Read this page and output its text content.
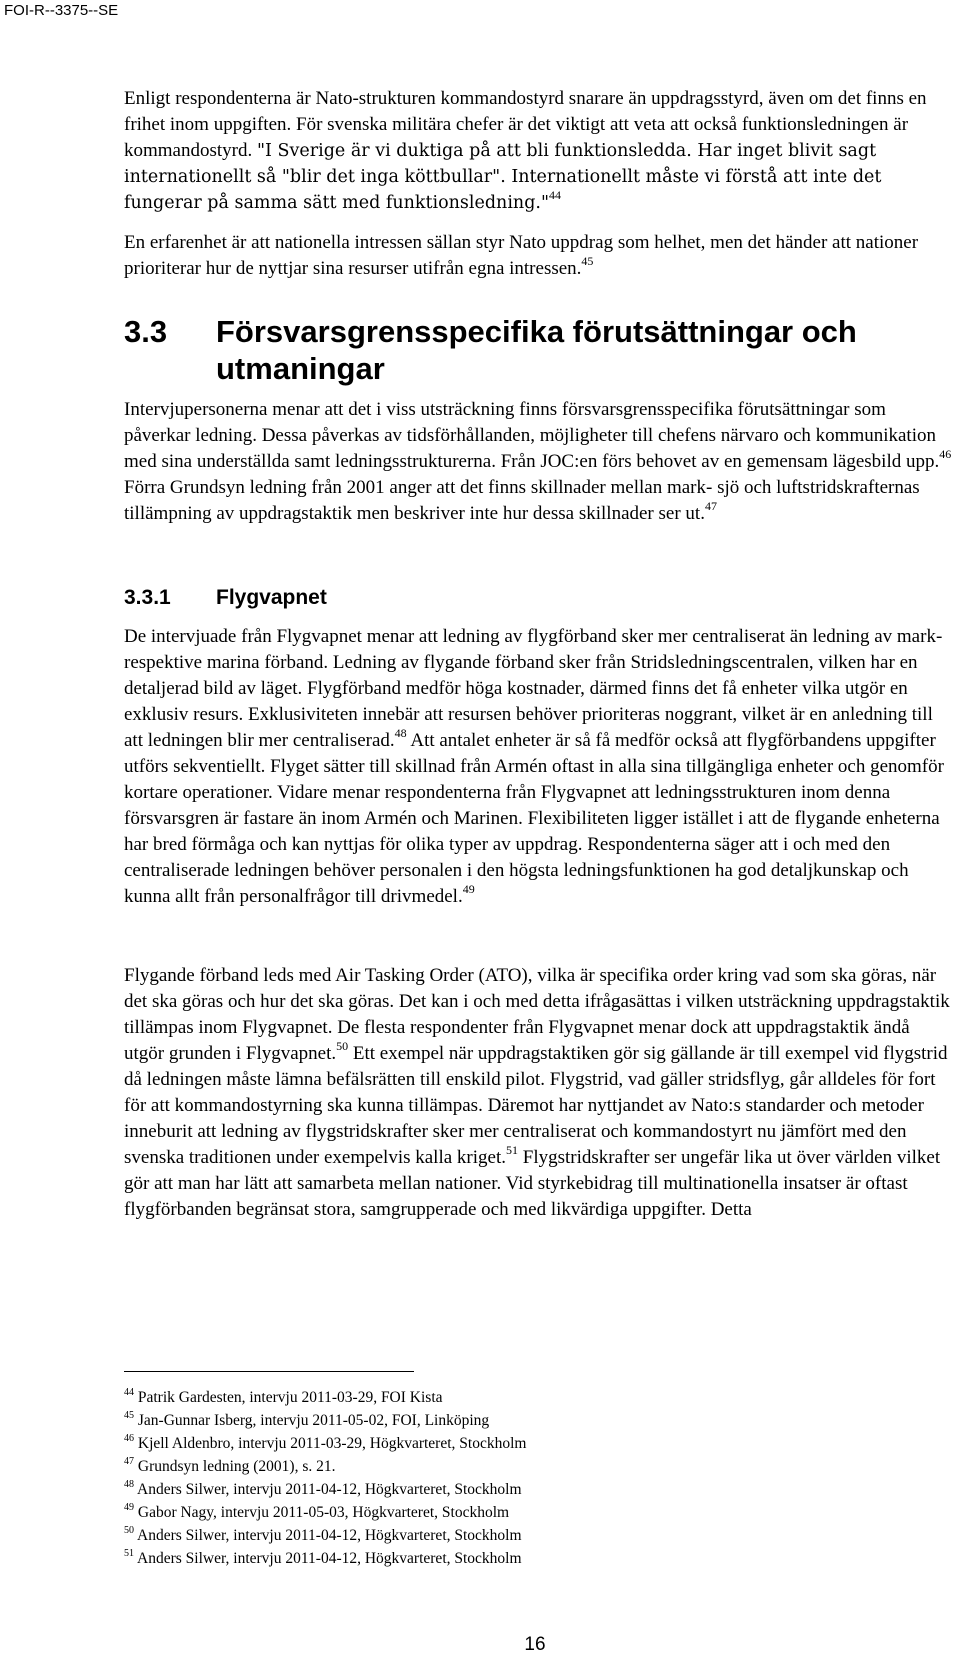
FOI-R--3375--SE

Enligt respondenterna är Nato-strukturen kommandostyrd snarare än uppdragsstyrd, även om det finns en frihet inom uppgiften. För svenska militära chefer är det viktigt att veta att också funktionsledningen är kommandostyrd. "I Sverige är vi duktiga på att bli funktionsledda. Har inget blivit sagt internationellt så "blir det inga köttbullar". Internationellt måste vi förstå att inte det fungerar på samma sätt med funktionsledning."$^{44}$

En erfarenhet är att nationella intressen sällan styr Nato uppdrag som helhet, men det händer att nationer prioriterar hur de nyttjar sina resurser utifrån egna intressen.$^{45}$

3.3 Försvarsgrensspecifika förutsättningar och utmaningar

Intervjupersonerna menar att det i viss utsträckning finns försvarsgrensspecifika förutsättningar som påverkar ledning. Dessa påverkas av tidsförhållanden, möjligheter till chefens närvaro och kommunikation med sina underställda samt ledningsstrukturerna. Från JOC:en förs behovet av en gemensam lägesbild upp.$^{46}$ Förra Grundsyn ledning från 2001 anger att det finns skillnader mellan mark- sjö och luftstridskrafternas tillämpning av uppdragstaktik men beskriver inte hur dessa skillnader ser ut.$^{47}$

3.3.1 Flygvapnet

De intervjuade från Flygvapnet menar att ledning av flygförband sker mer centraliserat än ledning av mark- respektive marina förband. Ledning av flygande förband sker från Stridsledningscentralen, vilken har en detaljerad bild av läget. Flygförband medför höga kostnader, därmed finns det få enheter vilka utgör en exklusiv resurs. Exklusiviteten innebär att resursen behöver prioriteras noggrant, vilket är en anledning till att ledningen blir mer centraliserad.$^{48}$ Att antalet enheter är så få medför också att flygförbandens uppgifter utförs sekventiellt. Flyget sätter till skillnad från Armén oftast in alla sina tillgängliga enheter och genomför kortare operationer. Vidare menar respondenterna från Flygvapnet att ledningsstrukturen inom denna försvarsgren är fastare än inom Armén och Marinen. Flexibiliteten ligger istället i att de flygande enheterna har bred förmåga och kan nyttjas för olika typer av uppdrag. Respondenterna säger att i och med den centraliserade ledningen behöver personalen i den högsta ledningsfunktionen ha god detaljkunskap och kunna allt från personalfrågor till drivmedel.$^{49}$

Flygande förband leds med Air Tasking Order (ATO), vilka är specifika order kring vad som ska göras, när det ska göras och hur det ska göras. Det kan i och med detta ifrågasättas i vilken utsträckning uppdragstaktik tillämpas inom Flygvapnet. De flesta respondenter från Flygvapnet menar dock att uppdragstaktik ändå utgör grunden i Flygvapnet.$^{50}$ Ett exempel när uppdragstaktiken gör sig gällande är till exempel vid flygstrid då ledningen måste lämna befälsrätten till enskild pilot. Flygstrid, vad gäller stridsflyg, går alldeles för fort för att kommandostyrning ska kunna tillämpas. Däremot har nyttjandet av Nato:s standarder och metoder inneburit att ledning av flygstridskrafter sker mer centraliserat och kommandostyrt nu jämfört med den svenska traditionen under exempelvis kalla kriget.$^{51}$ Flygstridskrafter ser ungefär lika ut över världen vilket gör att man har lätt att samarbeta mellan nationer. Vid styrkebidrag till multinationella insatser är oftast flygförbanden begränsat stora, samgrupperade och med likvärdiga uppgifter. Detta

$^{44}$ Patrik Gardesten, intervju 2011-03-29, FOI Kista
$^{45}$ Jan-Gunnar Isberg, intervju 2011-05-02, FOI, Linköping
$^{46}$ Kjell Aldenbro, intervju 2011-03-29, Högkvarteret, Stockholm
$^{47}$ Grundsyn ledning (2001), s. 21.
$^{48}$ Anders Silwer, intervju 2011-04-12, Högkvarteret, Stockholm
$^{49}$ Gabor Nagy, intervju 2011-05-03, Högkvarteret, Stockholm
$^{50}$ Anders Silwer, intervju 2011-04-12, Högkvarteret, Stockholm
$^{51}$ Anders Silwer, intervju 2011-04-12, Högkvarteret, Stockholm
16
